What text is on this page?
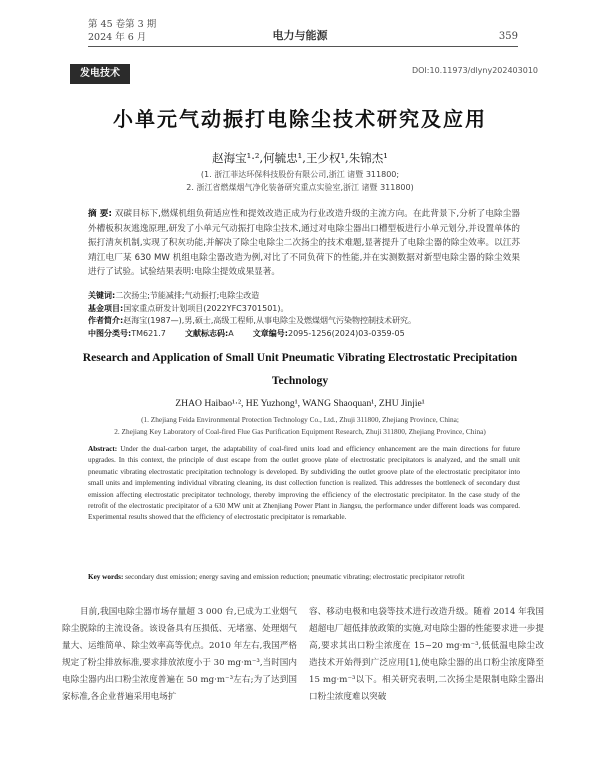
第 45 卷第 3 期
2024 年 6 月	电力与能源	359
发电技术	DOI:10.11973/dlyny202403010
小单元气动振打电除尘技术研究及应用
赵海宝¹·²,何毓忠¹,王少权¹,朱锦杰¹
(1. 浙江菲达环保科技股份有限公司,浙江 诸暨 311800;
2. 浙江省燃煤烟气净化装备研究重点实验室,浙江 诸暨 311800)
摘 要: 双碳目标下,燃煤机组负荷适应性和提效改造正成为行业改造升级的主流方向。在此背景下,分析了电除尘器外槽板积灰逃逸原理,研发了小单元气动振打电除尘技术,通过对电除尘器出口槽型板进行小单元划分,并设置单体的振打清灰机制,实现了积灰功能,并解决了除尘电除尘二次扬尘的技术难题,显著提升了电除尘器的除尘效率。以江苏靖江电厂某 630 MW 机组电除尘器改造为例,对比了不同负荷下的性能,并在实测数据对新型电除尘器的除尘效果进行了试验。试验结果表明:电除尘提效成果显著。
关键词:二次扬尘;节能减排;气动振打;电除尘改造
基金项目:国家重点研发计划项目(2022YFC3701501)。
作者简介:赵海宝(1987—),男,硕士,高级工程师,从事电除尘及燃煤烟气污染物控制技术研究。
中图分类号:TM621.7 文献标志码:A 文章编号:2095-1256(2024)03-0359-05
Research and Application of Small Unit Pneumatic Vibrating Electrostatic Precipitation Technology
ZHAO Haibao¹·², HE Yuzhong¹, WANG Shaoquan¹, ZHU Jinjie¹
(1. Zhejiang Feida Environmental Protection Technology Co., Ltd., Zhuji 311800, Zhejiang Province, China;
2. Zhejiang Key Laboratory of Coal-fired Flue Gas Purification Equipment Research, Zhuji 311800, Zhejiang Province, China)
Abstract: Under the dual-carbon target, the adaptability of coal-fired units load and efficiency enhancement are the main directions for future upgrades. In this context, the principle of dust escape from the outlet groove plate of electrostatic precipitators is analyzed, and the small unit pneumatic vibrating electrostatic precipitation technology is developed. By subdividing the outlet groove plate of the electrostatic precipitator into small units and implementing individual vibrating cleaning, its dust collection function is realized. This addresses the bottleneck of secondary dust emission affecting electrostatic precipitator technology, thereby improving the efficiency of the electrostatic precipitator. In the case study of the retrofit of the electrostatic precipitator of a 630 MW unit at Zhenjiang Power Plant in Jiangsu, the performance under different loads was compared. Experimental results showed that the efficiency of electrostatic precipitator is remarkable.
Key words: secondary dust emission; energy saving and emission reduction; pneumatic vibrating; electrostatic precipitator retrofit
目前,我国电除尘器市场存量超 3 000 台,已成为工业烟气除尘脱除的主流设备。该设备具有压损低、无堵塞、处理烟气量大、运维简单、除尘效率高等优点。2010 年左右,我国严格规定了粉尘排放标准,要求排放浓度小于 30 mg·m⁻³,当时国内电除尘器内出口粉尘浓度普遍在 50 mg·m⁻³左右;为了达到国家标准,各企业普遍采用电场扩
容、移动电极和电袋等技术进行改造升级。随着 2014 年我国超超电厂超低排放政策的实施,对电除尘器的性能要求进一步提高,要求其出口粉尘浓度在 15~20 mg·m⁻³,低低温电除尘改造技术开始得到广泛应用[1],使电除尘器的出口粉尘浓度降至 15 mg·m⁻³以下。相关研究表明,二次扬尘是限制电除尘器出口粉尘浓度难以突破
